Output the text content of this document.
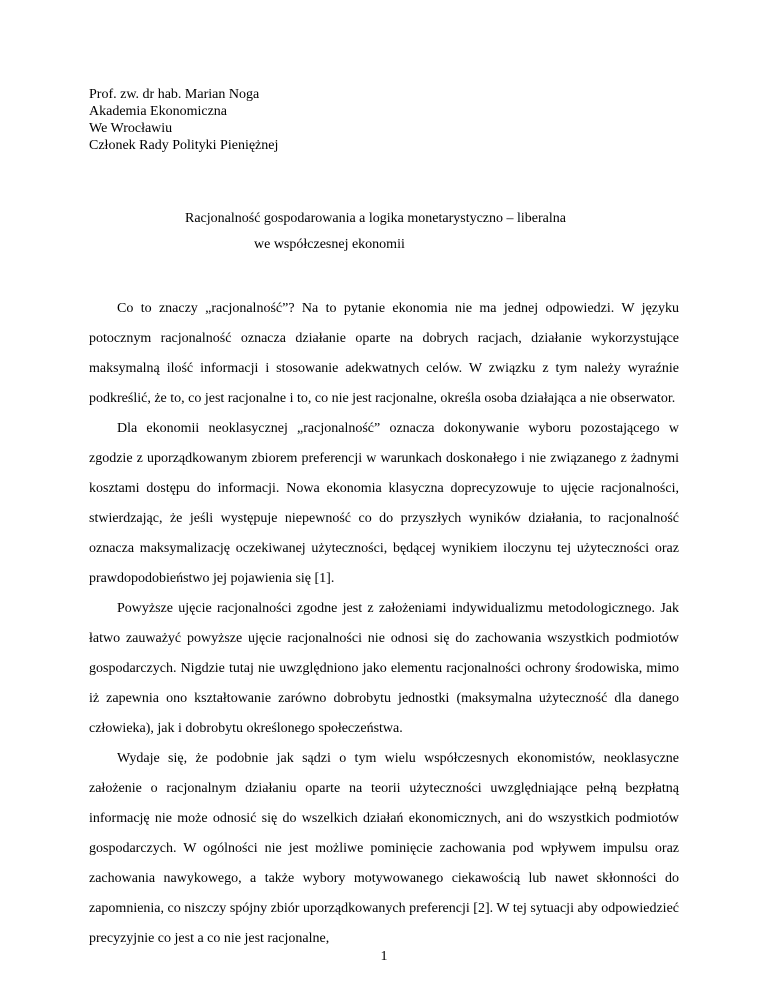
Prof. zw. dr hab. Marian Noga
Akademia Ekonomiczna
We Wrocławiu
Członek Rady Polityki Pieniężnej
Racjonalność gospodarowania a logika monetarystyczno – liberalna
we współczesnej ekonomii

Co to znaczy „racjonalność”? Na to pytanie ekonomia nie ma jednej odpowiedzi. W języku potocznym racjonalność oznacza działanie oparte na dobrych racjach, działanie wykorzystujące maksymalną ilość informacji i stosowanie adekwatnych celów. W związku z tym należy wyraźnie podkreślić, że to, co jest racjonalne i to, co nie jest racjonalne, określa osoba działająca a nie obserwator.

Dla ekonomii neoklasycznej „racjonalność” oznacza dokonywanie wyboru pozostającego w zgodzie z uporządkowanym zbiorem preferencji w warunkach doskonałego i nie związanego z żadnymi kosztami dostępu do informacji. Nowa ekonomia klasyczna doprecyzowuje to ujęcie racjonalności, stwierdzając, że jeśli występuje niepewność co do przyszłych wyników działania, to racjonalność oznacza maksymalizację oczekiwanej użyteczności, będącej wynikiem iloczynu tej użyteczności oraz prawdopodobieństwo jej pojawienia się [1].

Powyższe ujęcie racjonalności zgodne jest z założeniami indywidualizmu metodologicznego. Jak łatwo zauważyć powyższe ujęcie racjonalności nie odnosi się do zachowania wszystkich podmiotów gospodarczych. Nigdzie tutaj nie uwzględniono jako elementu racjonalności ochrony środowiska, mimo iż zapewnia ono kształtowanie zarówno dobrobytu jednostki (maksymalna użyteczność dla danego człowieka), jak i dobrobytu określonego społeczeństwa.

Wydaje się, że podobnie jak sądzi o tym wielu współczesnych ekonomistów, neoklasyczne założenie o racjonalnym działaniu oparte na teorii użyteczności uwzględniające pełną bezpłatną informację nie może odnosić się do wszelkich działań ekonomicznych, ani do wszystkich podmiotów gospodarczych. W ogólności nie jest możliwe pominięcie zachowania pod wpływem impulsu oraz zachowania nawykowego, a także wybory motywowanego ciekawością lub nawet skłonności do zapomnienia, co niszczy spójny zbiór uporządkowanych preferencji [2]. W tej sytuacji aby odpowiedzieć precyzyjnie co jest a co nie jest racjonalne,

1
